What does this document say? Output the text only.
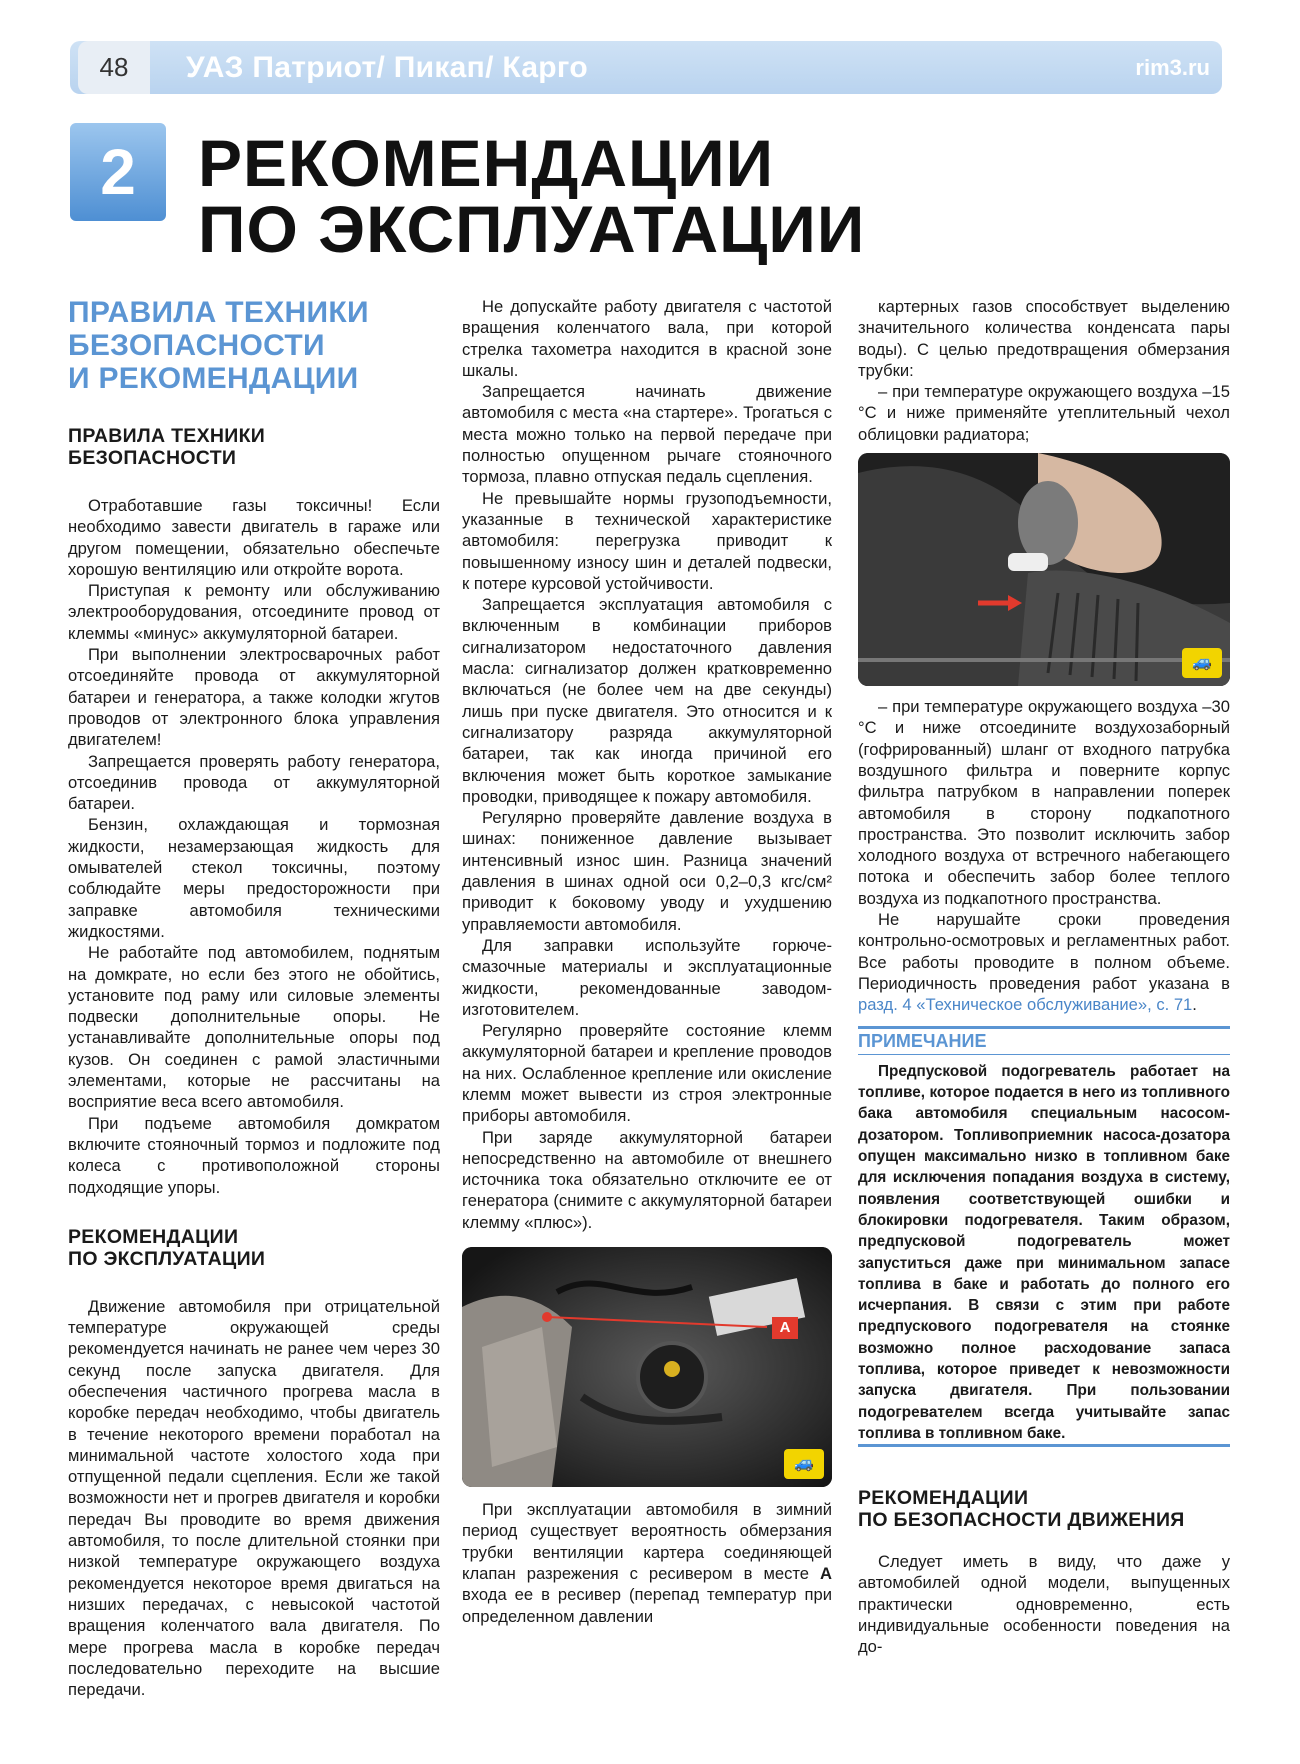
48	УАЗ Патриот/ Пикап/ Карго	rim3.ru
2 РЕКОМЕНДАЦИИ
ПО ЭКСПЛУАТАЦИИ
ПРАВИЛА ТЕХНИКИ
БЕЗОПАСНОСТИ
И РЕКОМЕНДАЦИИ
ПРАВИЛА ТЕХНИКИ
БЕЗОПАСНОСТИ

Отработавшие газы токсичны! Если необходимо завести двигатель в гараже или другом помещении, обязательно обеспечьте хорошую вентиляцию или откройте ворота.

Приступая к ремонту или обслуживанию электрооборудования, отсоедините провод от клеммы «минус» аккумуляторной батареи.

При выполнении электросварочных работ отсоединяйте провода от аккумуляторной батареи и генератора, а также колодки жгутов проводов от электронного блока управления двигателем!

Запрещается проверять работу генератора, отсоединив провода от аккумуляторной батареи.

Бензин, охлаждающая и тормозная жидкости, незамерзающая жидкость для омывателей стекол токсичны, поэтому соблюдайте меры предосторожности при заправке автомобиля техническими жидкостями.

Не работайте под автомобилем, поднятым на домкрате, но если без этого не обойтись, установите под раму или силовые элементы подвески дополнительные опоры. Не устанавливайте дополнительные опоры под кузов. Он соединен с рамой эластичными элементами, которые не рассчитаны на восприятие веса всего автомобиля.

При подъеме автомобиля домкратом включите стояночный тормоз и подложите под колеса с противоположной стороны подходящие упоры.

РЕКОМЕНДАЦИИ
ПО ЭКСПЛУАТАЦИИ

Движение автомобиля при отрицательной температуре окружающей среды рекомендуется начинать не ранее чем через 30 секунд после запуска двигателя. Для обеспечения частичного прогрева масла в коробке передач необходимо, чтобы двигатель в течение некоторого времени поработал на минимальной частоте холостого хода при отпущенной педали сцепления. Если же такой возможности нет и прогрев двигателя и коробки передач Вы проводите во время движения автомобиля, то после длительной стоянки при низкой температуре окружающего воздуха рекомендуется некоторое время двигаться на низших передачах, с невысокой частотой вращения коленчатого вала двигателя. По мере прогрева масла в коробке передач последовательно переходите на высшие передачи.

Не допускайте работу двигателя с частотой вращения коленчатого вала, при которой стрелка тахометра находится в красной зоне шкалы.

Запрещается начинать движение автомобиля с места «на стартере». Трогаться с места можно только на первой передаче при полностью опущенном рычаге стояночного тормоза, плавно отпуская педаль сцепления.

Не превышайте нормы грузоподъемности, указанные в технической характеристике автомобиля: перегрузка приводит к повышенному износу шин и деталей подвески, к потере курсовой устойчивости.

Запрещается эксплуатация автомобиля с включенным в комбинации приборов сигнализатором недостаточного давления масла: сигнализатор должен кратковременно включаться (не более чем на две секунды) лишь при пуске двигателя. Это относится и к сигнализатору разряда аккумуляторной батареи, так как иногда причиной его включения может быть короткое замыкание проводки, приводящее к пожару автомобиля.

Регулярно проверяйте давление воздуха в шинах: пониженное давление вызывает интенсивный износ шин. Разница значений давления в шинах одной оси 0,2–0,3 кгс/см² приводит к боковому уводу и ухудшению управляемости автомобиля.

Для заправки используйте горюче-смазочные материалы и эксплуатационные жидкости, рекомендованные заводом-изготовителем.

Регулярно проверяйте состояние клемм аккумуляторной батареи и крепление проводов на них. Ослабленное крепление или окисление клемм может вывести из строя электронные приборы автомобиля.

При заряде аккумуляторной батареи непосредственно на автомобиле от внешнего источника тока обязательно отключите ее от генератора (снимите с аккумуляторной батареи клемму «плюс»).

A
🚙

При эксплуатации автомобиля в зимний период существует вероятность обмерзания трубки вентиляции картера соединяющей клапан разрежения с ресивером в месте А входа ее в ресивер (перепад температур при определенном давлении

картерных газов способствует выделению значительного количества конденсата пары воды). С целью предотвращения обмерзания трубки:

– при температуре окружающего воздуха –15 °С и ниже применяйте утеплительный чехол облицовки радиатора;

🚙

– при температуре окружающего воздуха –30 °С и ниже отсоедините воздухозаборный (гофрированный) шланг от входного патрубка воздушного фильтра и поверните корпус фильтра патрубком в направлении поперек автомобиля в сторону подкапотного пространства. Это позволит исключить забор холодного воздуха от встречного набегающего потока и обеспечить забор более теплого воздуха из подкапотного пространства.

Не нарушайте сроки проведения контрольно-осмотровых и регламентных работ. Все работы проводите в полном объеме. Периодичность проведения работ указана в разд. 4 «Техническое обслуживание», с. 71.

ПРИМЕЧАНИЕ

Предпусковой подогреватель работает на топливе, которое подается в него из топливного бака автомобиля специальным насосом-дозатором. Топливоприемник насоса-дозатора опущен максимально низко в топливном баке для исключения попадания воздуха в систему, появления соответствующей ошибки и блокировки подогревателя. Таким образом, предпусковой подогреватель может запуститься даже при минимальном запасе топлива в баке и работать до полного его исчерпания. В связи с этим при работе предпускового подогревателя на стоянке возможно полное расходование запаса топлива, которое приведет к невозможности запуска двигателя. При пользовании подогревателем всегда учитывайте запас топлива в топливном баке.

РЕКОМЕНДАЦИИ
ПО БЕЗОПАСНОСТИ ДВИЖЕНИЯ

Следует иметь в виду, что даже у автомобилей одной модели, выпущенных практически одновременно, есть индивидуальные особенности поведения на до-
